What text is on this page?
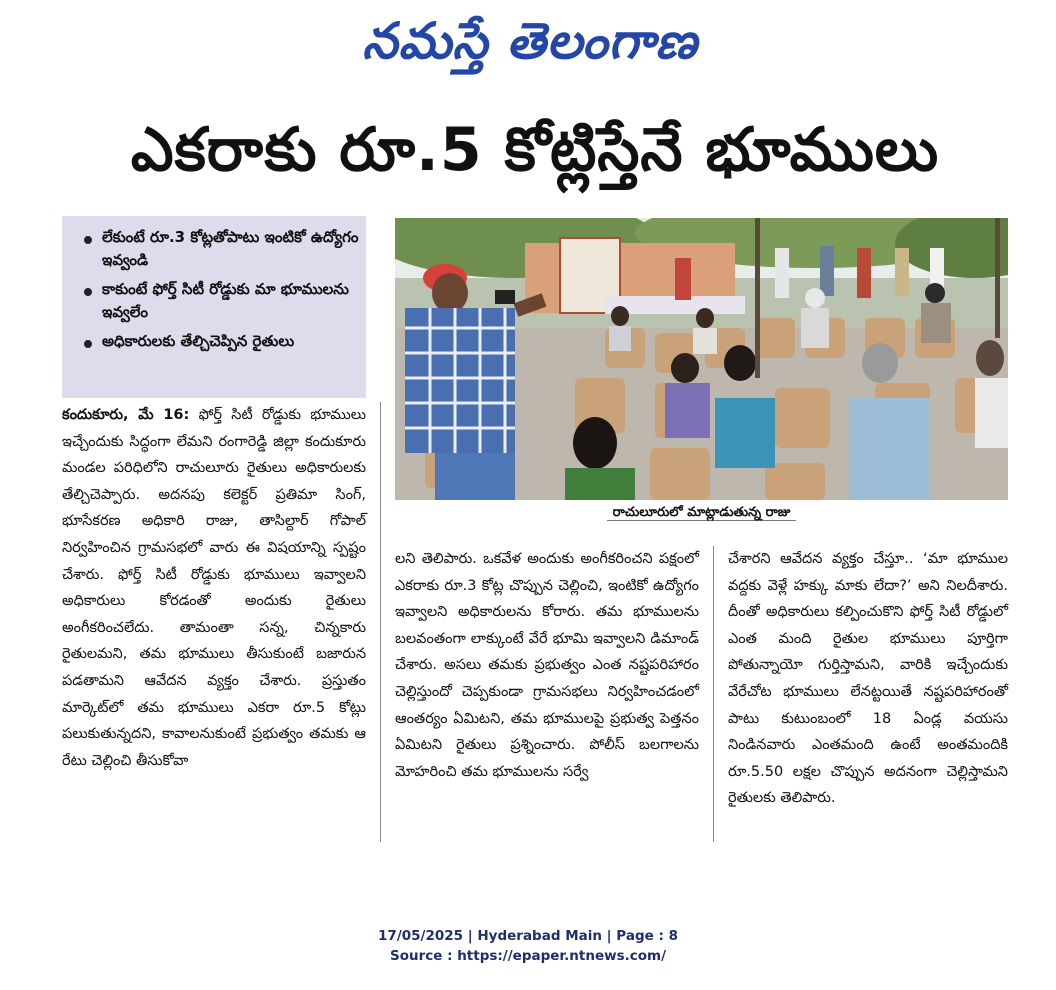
నమస్తే తెలంగాణ
ఎకరాకు రూ.5 కోట్లిస్తేనే భూములు
లేకుంటే రూ.3 కోట్లతోపాటు ఇంటికో ఉద్యోగం ఇవ్వండి
కాకుంటే ఫోర్త్ సిటీ రోడ్డుకు మా భూములను ఇవ్వలేం
అధికారులకు తేల్చిచెప్పిన రైతులు
రాచులూరులో మాట్లాడుతున్న రాజు
కందుకూరు, మే 16: ఫోర్త్ సిటీ రోడ్డుకు భూములు ఇచ్చేందుకు సిద్ధంగా లేమని రంగారెడ్డి జిల్లా కందుకూరు మండల పరిధిలోని రాచులూరు రైతులు అధికారులకు తేల్చిచెప్పారు. అదనపు కలెక్టర్ ప్రతిమా సింగ్, భూసేకరణ అధికారి రాజు, తాసిల్దార్ గోపాల్ నిర్వహించిన గ్రామసభలో వారు ఈ విషయాన్ని స్పష్టం చేశారు. ఫోర్త్ సిటీ రోడ్డుకు భూములు ఇవ్వాలని అధికారులు కోరడంతో అందుకు రైతులు అంగీకరించలేదు. తామంతా సన్న, చిన్నకారు రైతులమని, తమ భూములు తీసుకుంటే బజారున పడతామని ఆవేదన వ్యక్తం చేశారు. ప్రస్తుతం మార్కెట్‌లో తమ భూములు ఎకరా రూ.5 కోట్లు పలుకుతున్నదని, కావాలనుకుంటే ప్రభుత్వం తమకు ఆ రేటు చెల్లించి తీసుకోవా
లని తెలిపారు. ఒకవేళ అందుకు అంగీకరించని పక్షంలో ఎకరాకు రూ.3 కోట్ల చొప్పున చెల్లించి, ఇంటికో ఉద్యోగం ఇవ్వాలని అధికారులను కోరారు. తమ భూములను బలవంతంగా లాక్కుంటే వేరే భూమి ఇవ్వాలని డిమాండ్ చేశారు. అసలు తమకు ప్రభుత్వం ఎంత నష్టపరిహారం చెల్లిస్తుందో చెప్పకుండా గ్రామసభలు నిర్వహించడంలో ఆంతర్యం ఏమిటని, తమ భూములపై ప్రభుత్వ పెత్తనం ఏమిటని రైతులు ప్రశ్నించారు. పోలీస్ బలగాలను మోహరించి తమ భూములను సర్వే
చేశారని ఆవేదన వ్యక్తం చేస్తూ.. ‘మా భూముల వద్దకు వెళ్లే హక్కు మాకు లేదా?’ అని నిలదీశారు. దీంతో అధికారులు కల్పించుకొని ఫోర్త్ సిటీ రోడ్డులో ఎంత మంది రైతుల భూములు పూర్తిగా పోతున్నాయో గుర్తిస్తామని, వారికి ఇచ్చేందుకు వేరేచోట భూములు లేనట్టయితే నష్టపరిహారంతో పాటు కుటుంబంలో 18 ఏండ్ల వయసు నిండినవారు ఎంతమంది ఉంటే అంతమందికి రూ.5.50 లక్షల చొప్పున అదనంగా చెల్లిస్తామని రైతులకు తెలిపారు.
17/05/2025 | Hyderabad Main | Page : 8
Source : https://epaper.ntnews.com/
